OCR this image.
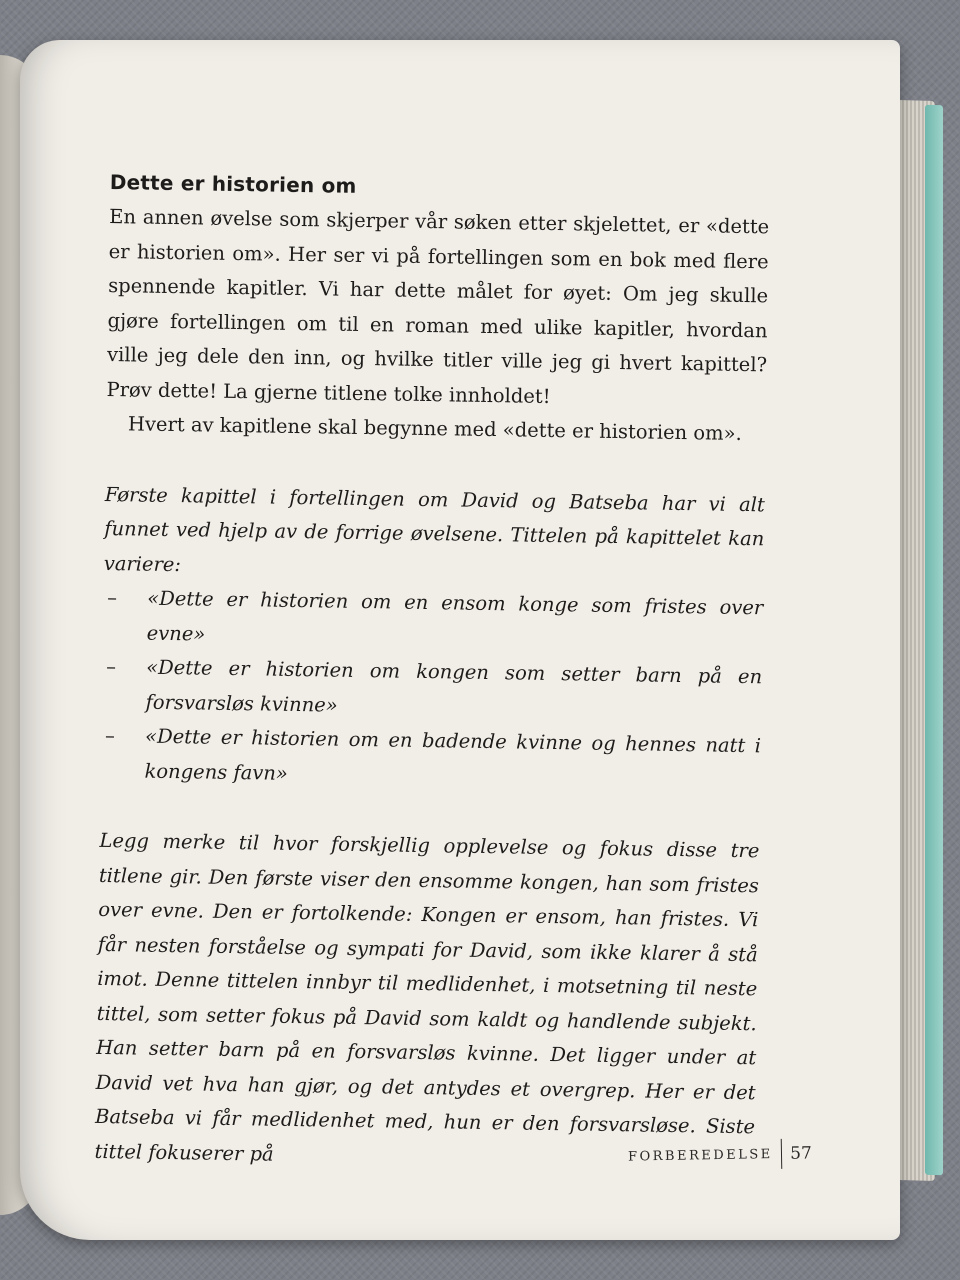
Dette er historien om

En annen øvelse som skjerper vår søken etter skjelettet, er «dette er historien om». Her ser vi på fortellingen som en bok med flere spennende kapitler. Vi har dette målet for øyet: Om jeg skulle gjøre fortellingen om til en roman med ulike kapitler, hvordan ville jeg dele den inn, og hvilke titler ville jeg gi hvert kapittel? Prøv dette! La gjerne titlene tolke innholdet!

Hvert av kapitlene skal begynne med «dette er historien om».

Første kapittel i fortellingen om David og Batseba har vi alt funnet ved hjelp av de forrige øvelsene. Tittelen på kapittelet kan variere:

–	«Dette er historien om en ensom konge som fristes over evne»
–	«Dette er historien om kongen som setter barn på en forsvarsløs kvinne»
–	«Dette er historien om en badende kvinne og hennes natt i kongens favn»

Legg merke til hvor forskjellig opplevelse og fokus disse tre titlene gir. Den første viser den ensomme kongen, han som fristes over evne. Den er fortolkende: Kongen er ensom, han fristes. Vi får nesten forståelse og sympati for David, som ikke klarer å stå imot. Denne tittelen innbyr til medlidenhet, i motsetning til neste tittel, som setter fokus på David som kaldt og handlende subjekt. Han setter barn på en forsvarsløs kvinne. Det ligger under at David vet hva han gjør, og det antydes et overgrep. Her er det Batseba vi får medlidenhet med, hun er den forsvarsløse. Siste tittel fokuserer på	FORBEREDELSE 57
